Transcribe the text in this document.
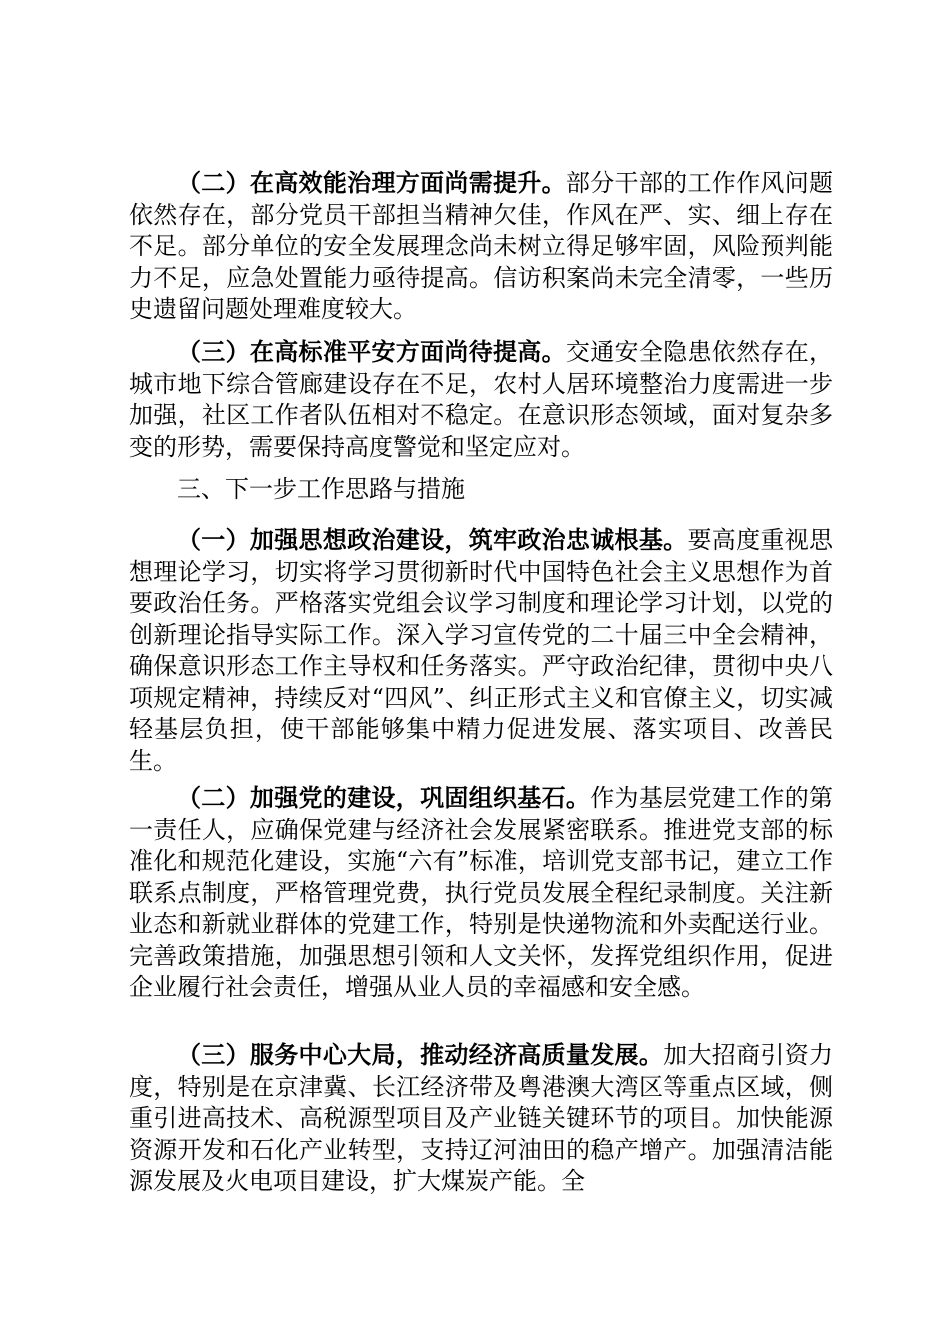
（二）在高效能治理方面尚需提升。部分干部的工作作风问题依然存在，部分党员干部担当精神欠佳，作风在严、实、细上存在不足。部分单位的安全发展理念尚未树立得足够牢固，风险预判能力不足，应急处置能力亟待提高。信访积案尚未完全清零，一些历史遗留问题处理难度较大。

（三）在高标准平安方面尚待提高。交通安全隐患依然存在，城市地下综合管廊建设存在不足，农村人居环境整治力度需进一步加强，社区工作者队伍相对不稳定。在意识形态领域，面对复杂多变的形势，需要保持高度警觉和坚定应对。

三、下一步工作思路与措施

（一）加强思想政治建设，筑牢政治忠诚根基。要高度重视思想理论学习，切实将学习贯彻新时代中国特色社会主义思想作为首要政治任务。严格落实党组会议学习制度和理论学习计划，以党的创新理论指导实际工作。深入学习宣传党的二十届三中全会精神，确保意识形态工作主导权和任务落实。严守政治纪律，贯彻中央八项规定精神，持续反对“四风”、纠正形式主义和官僚主义，切实减轻基层负担，使干部能够集中精力促进发展、落实项目、改善民生。

（二）加强党的建设，巩固组织基石。作为基层党建工作的第一责任人，应确保党建与经济社会发展紧密联系。推进党支部的标准化和规范化建设，实施“六有”标准，培训党支部书记，建立工作联系点制度，严格管理党费，执行党员发展全程纪录制度。关注新业态和新就业群体的党建工作，特别是快递物流和外卖配送行业。完善政策措施，加强思想引领和人文关怀，发挥党组织作用，促进企业履行社会责任，增强从业人员的幸福感和安全感。

（三）服务中心大局，推动经济高质量发展。加大招商引资力度，特别是在京津冀、长江经济带及粤港澳大湾区等重点区域，侧重引进高技术、高税源型项目及产业链关键环节的项目。加快能源资源开发和石化产业转型，支持辽河油田的稳产增产。加强清洁能源发展及火电项目建设，扩大煤炭产能。全
